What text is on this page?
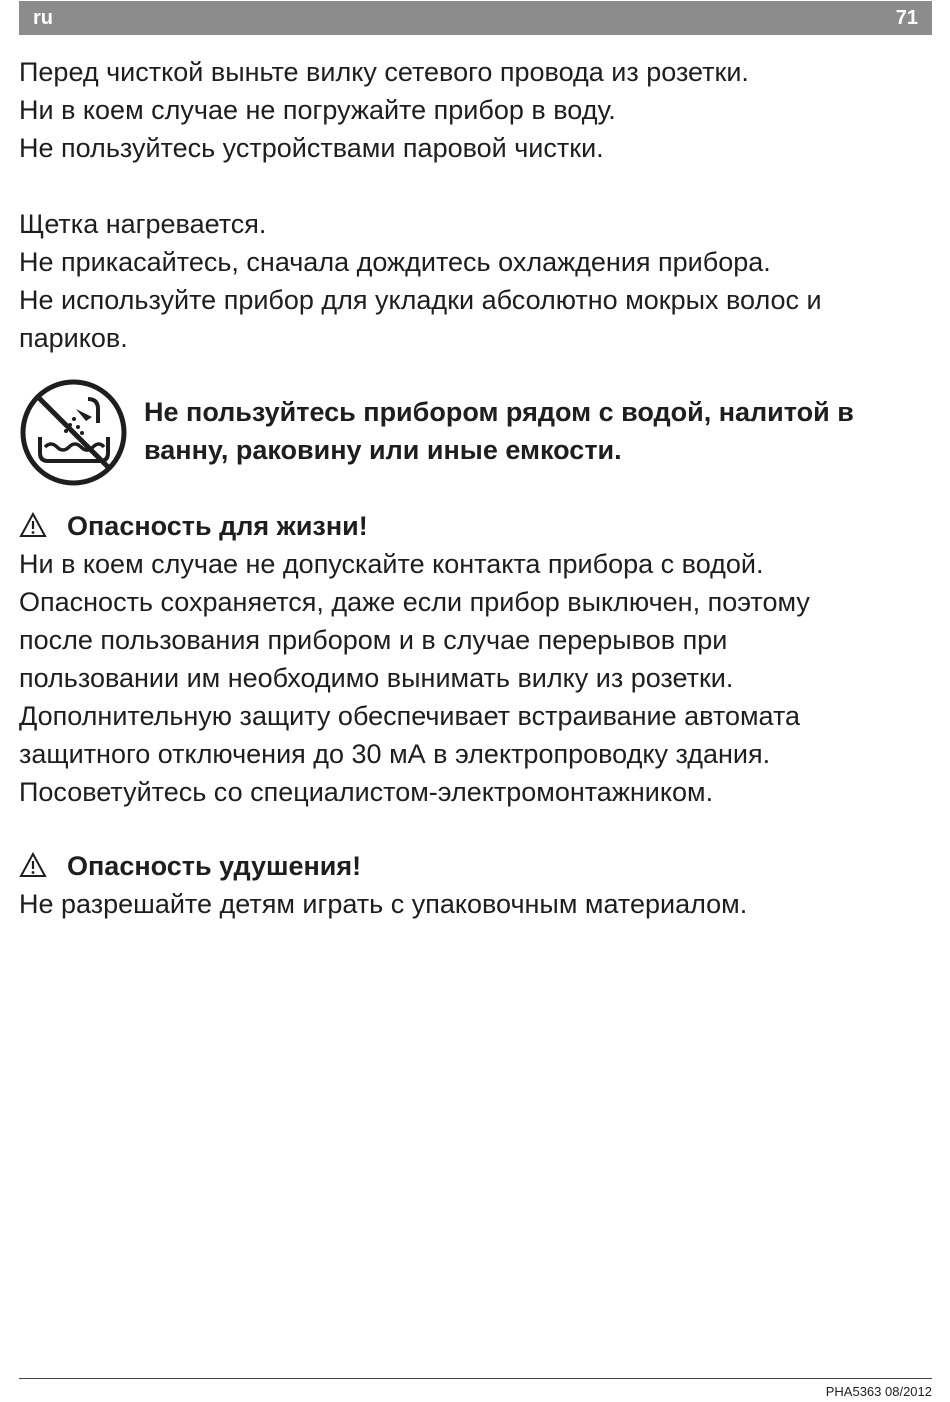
ru	71
Перед чисткой выньте вилку сетевого провода из розетки.
Ни в коем случае не погружайте прибор в воду.
Не пользуйтесь устройствами паровой чистки.
Щетка нагревается.
Не прикасайтесь, сначала дождитесь охлаждения прибора.
Не используйте прибор для укладки абсолютно мокрых волос и
париков.
Не пользуйтесь прибором рядом с водой, налитой в
ванну, раковину или иные емкости.
Опасность для жизни!
Ни в коем случае не допускайте контакта прибора с водой.
Опасность сохраняется, даже если прибор выключен, поэтому
после пользования прибором и в случае перерывов при
пользовании им необходимо вынимать вилку из розетки.
Дополнительную защиту обеспечивает встраивание автомата
защитного отключения до 30 мА в электропроводку здания.
Посоветуйтесь со специалистом-электромонтажником.
Опасность удушения!
Не разрешайте детям играть с упаковочным материалом.
PHA5363 08/2012
